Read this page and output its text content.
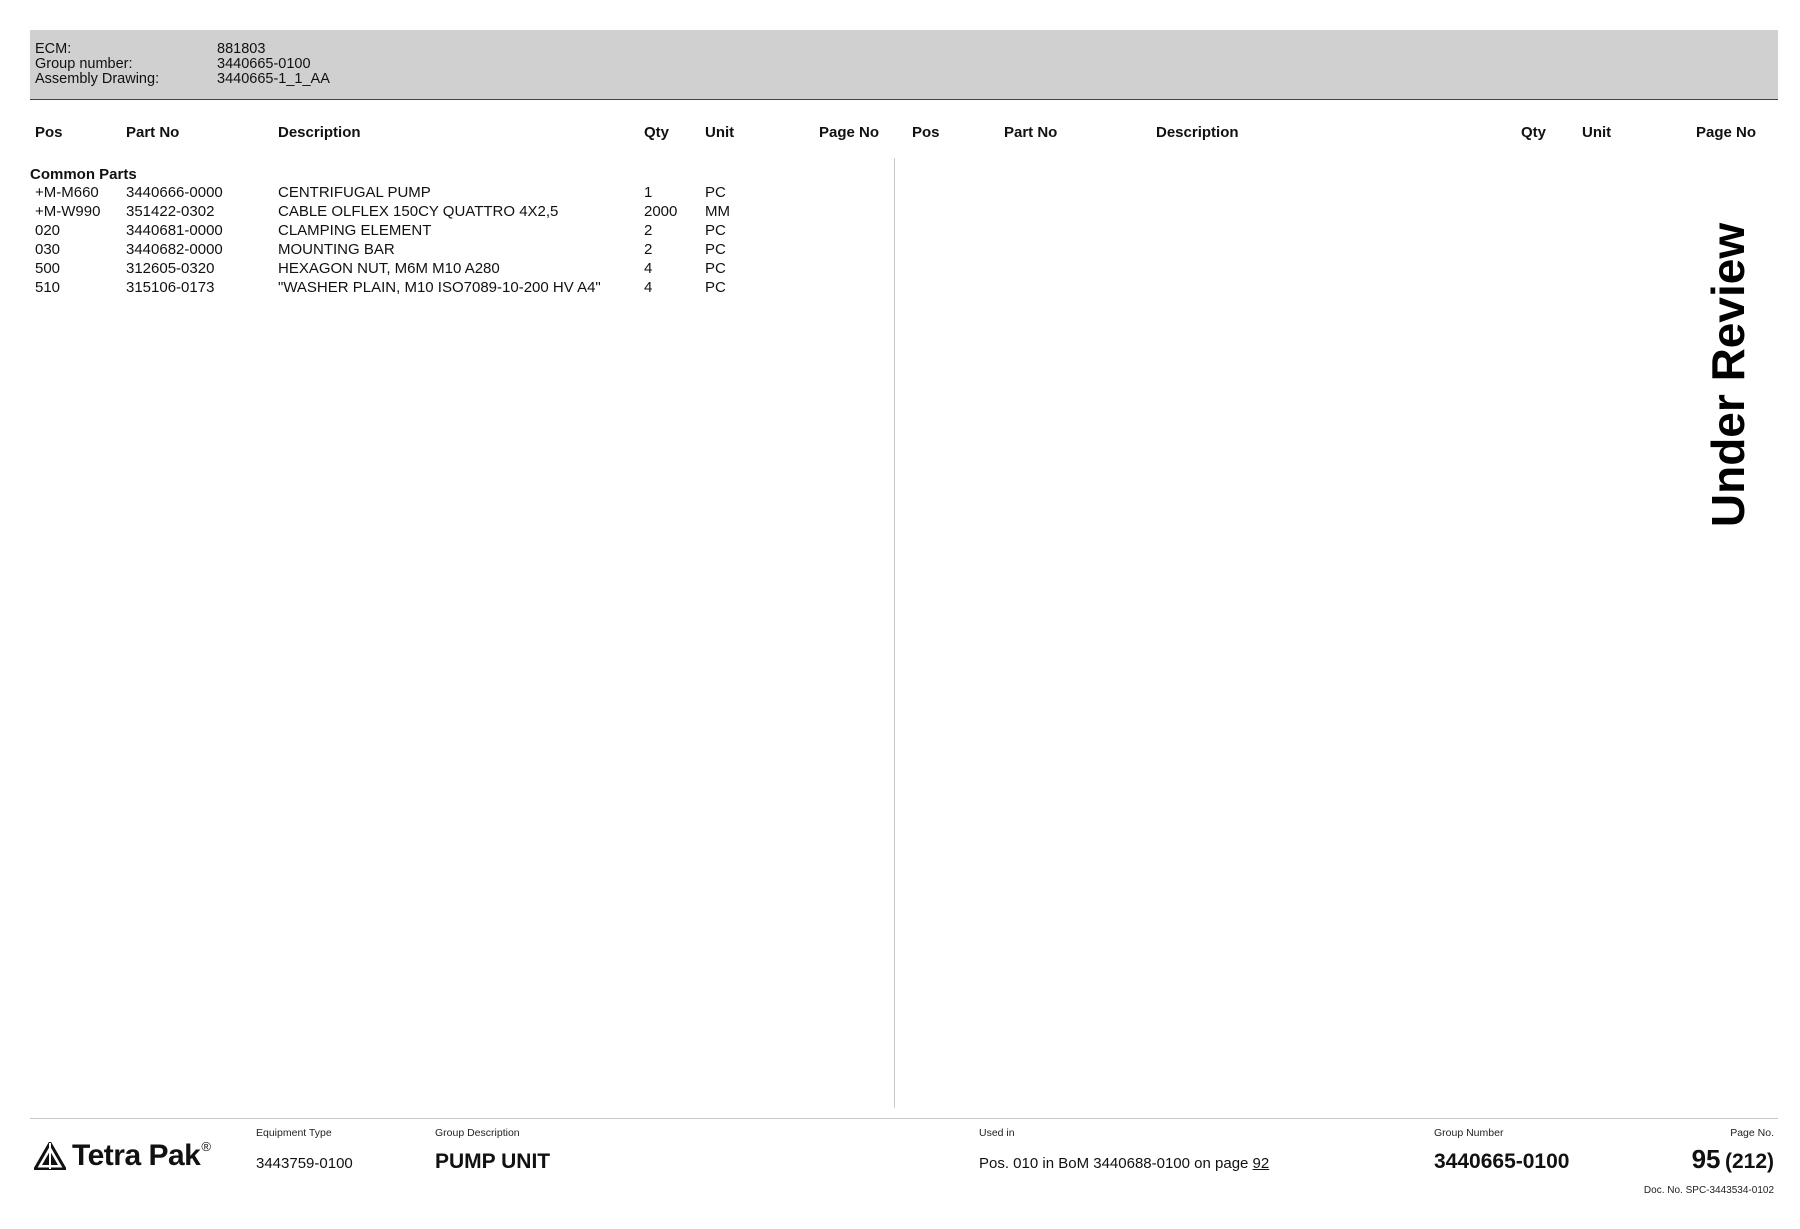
ECM:	881803
Group number:	3440665-0100
Assembly Drawing:	3440665-1_1_AA
Pos	Part No	Description	Qty Unit	Page No Pos	Part No	Description	Qty Unit	Page No
Common Parts
+M-M660 3440666-0000	CENTRIFUGAL PUMP	1	PC
+M-W990 351422-0302	CABLE OLFLEX 150CY QUATTRO 4X2,5	2000 MM
020	3440681-0000	CLAMPING ELEMENT	2	PC
030	3440682-0000	MOUNTING BAR	2	PC
500	312605-0320	HEXAGON NUT, M6M M10 A280	4	PC
510	315106-0173	"WASHER PLAIN, M10 ISO7089-10-200 HV A4"	4	PC	Under Review
Tetra Pak ®
Equipment Type
3443759-0100
Group Description
PUMP UNIT
Used in
Pos. 010 in BoM 3440688-0100 on page 92
Group Number
3440665-0100
Page No.
95 (212)
Doc. No. SPC-3443534-0102
